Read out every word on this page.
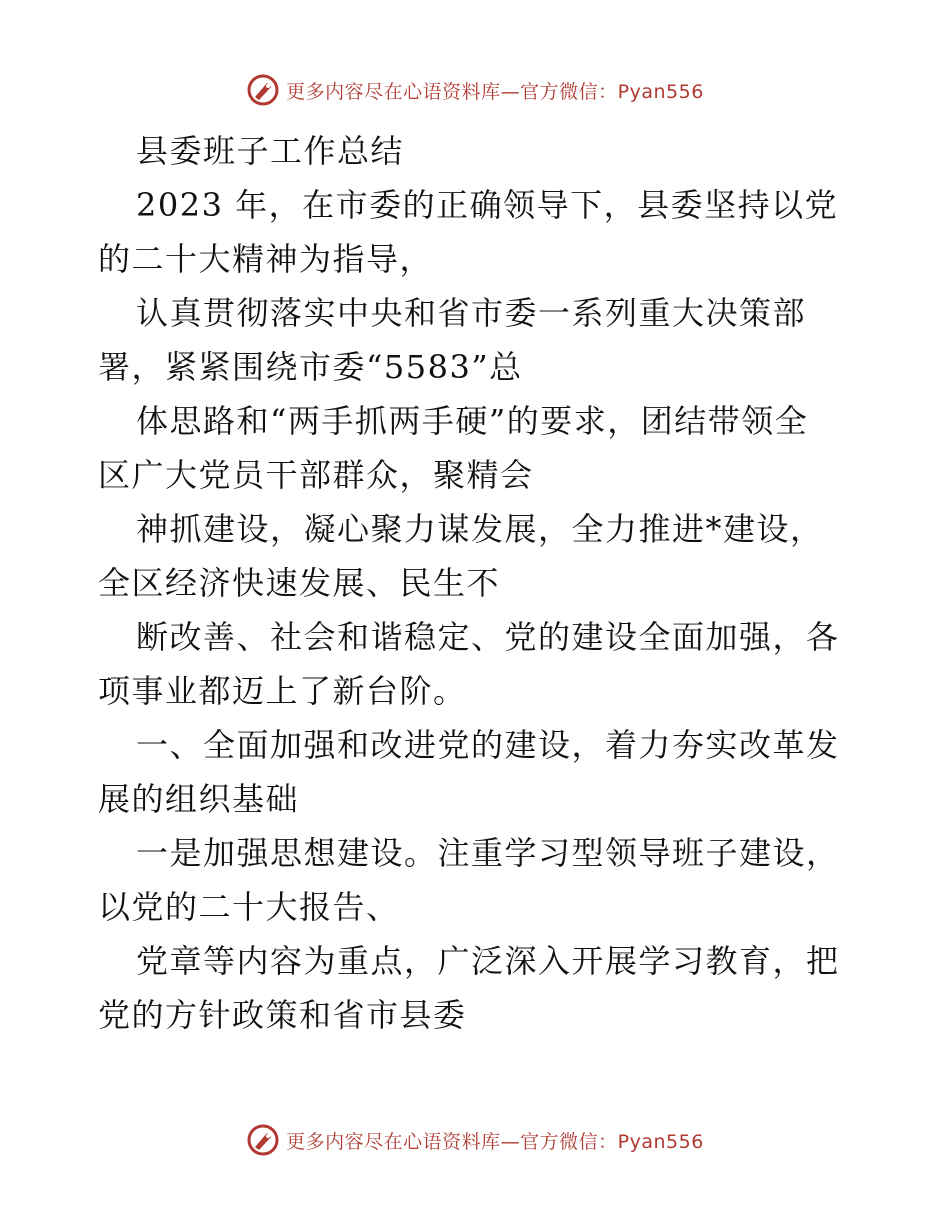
更多内容尽在心语资料库—官方微信：Pyan556
县委班子工作总结
2023 年，在市委的正确领导下，县委坚持以党
的二十大精神为指导，
认真贯彻落实中央和省市委一系列重大决策部
署，紧紧围绕市委“5583”总
体思路和“两手抓两手硬”的要求，团结带领全
区广大党员干部群众，聚精会
神抓建设，凝心聚力谋发展，全力推进*建设，
全区经济快速发展、民生不
断改善、社会和谐稳定、党的建设全面加强，各
项事业都迈上了新台阶。
一、全面加强和改进党的建设，着力夯实改革发
展的组织基础
一是加强思想建设。注重学习型领导班子建设，
以党的二十大报告、
党章等内容为重点，广泛深入开展学习教育，把
党的方针政策和省市县委
更多内容尽在心语资料库—官方微信：Pyan556
